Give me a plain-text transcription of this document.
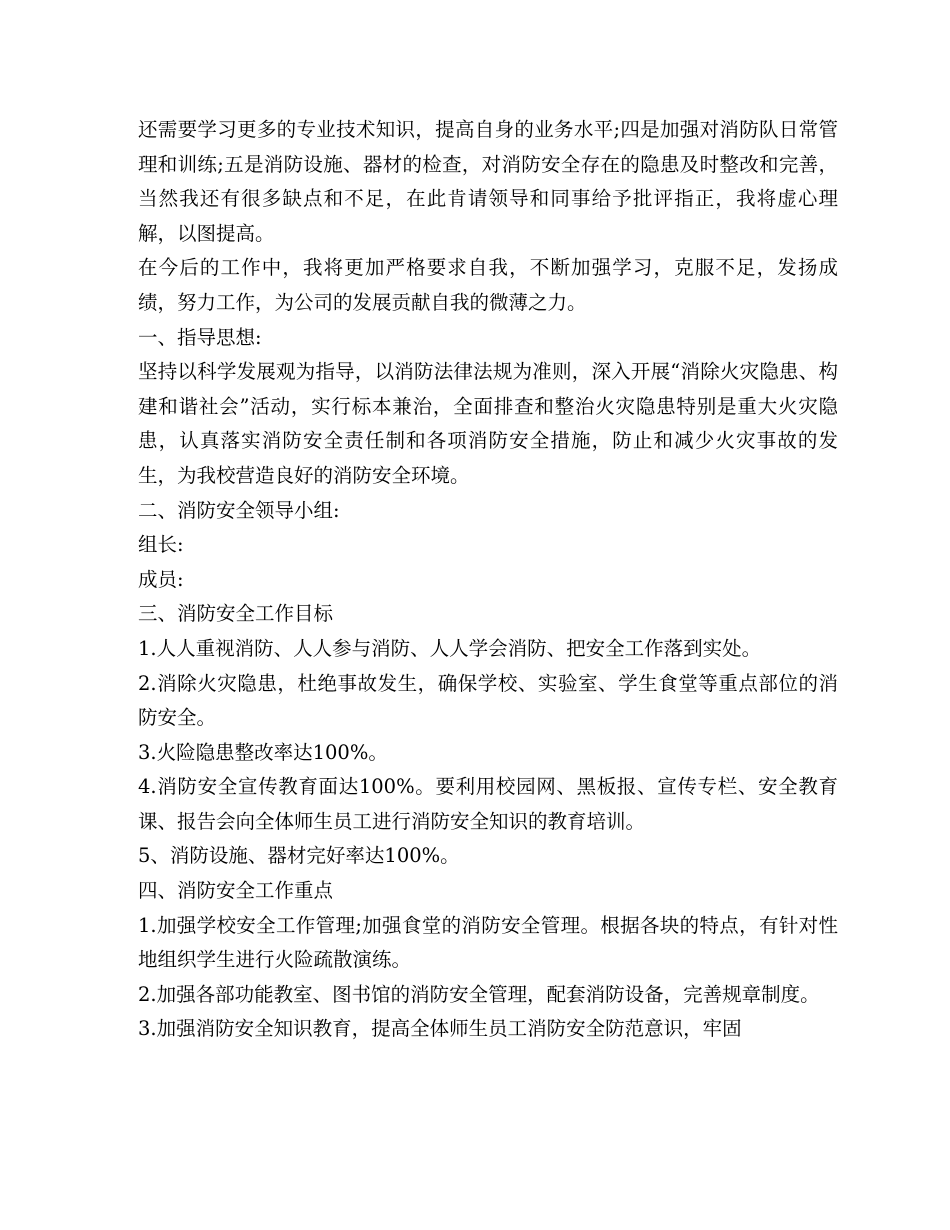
还需要学习更多的专业技术知识，提高自身的业务水平;四是加强对消防队日常管理和训练;五是消防设施、器材的检查，对消防安全存在的隐患及时整改和完善，当然我还有很多缺点和不足，在此肯请领导和同事给予批评指正，我将虚心理解，以图提高。

在今后的工作中，我将更加严格要求自我，不断加强学习，克服不足，发扬成绩，努力工作，为公司的发展贡献自我的微薄之力。

一、指导思想:

坚持以科学发展观为指导，以消防法律法规为准则，深入开展“消除火灾隐患、构建和谐社会”活动，实行标本兼治，全面排查和整治火灾隐患特别是重大火灾隐患，认真落实消防安全责任制和各项消防安全措施，防止和减少火灾事故的发生，为我校营造良好的消防安全环境。

二、消防安全领导小组:

组长:

成员:

三、消防安全工作目标

1.人人重视消防、人人参与消防、人人学会消防、把安全工作落到实处。

2.消除火灾隐患，杜绝事故发生，确保学校、实验室、学生食堂等重点部位的消防安全。

3.火险隐患整改率达100%。

4.消防安全宣传教育面达100%。要利用校园网、黑板报、宣传专栏、安全教育课、报告会向全体师生员工进行消防安全知识的教育培训。

5、消防设施、器材完好率达100%。

四、消防安全工作重点

1.加强学校安全工作管理;加强食堂的消防安全管理。根据各块的特点，有针对性地组织学生进行火险疏散演练。

2.加强各部功能教室、图书馆的消防安全管理，配套消防设备，完善规章制度。

3.加强消防安全知识教育，提高全体师生员工消防安全防范意识，牢固
